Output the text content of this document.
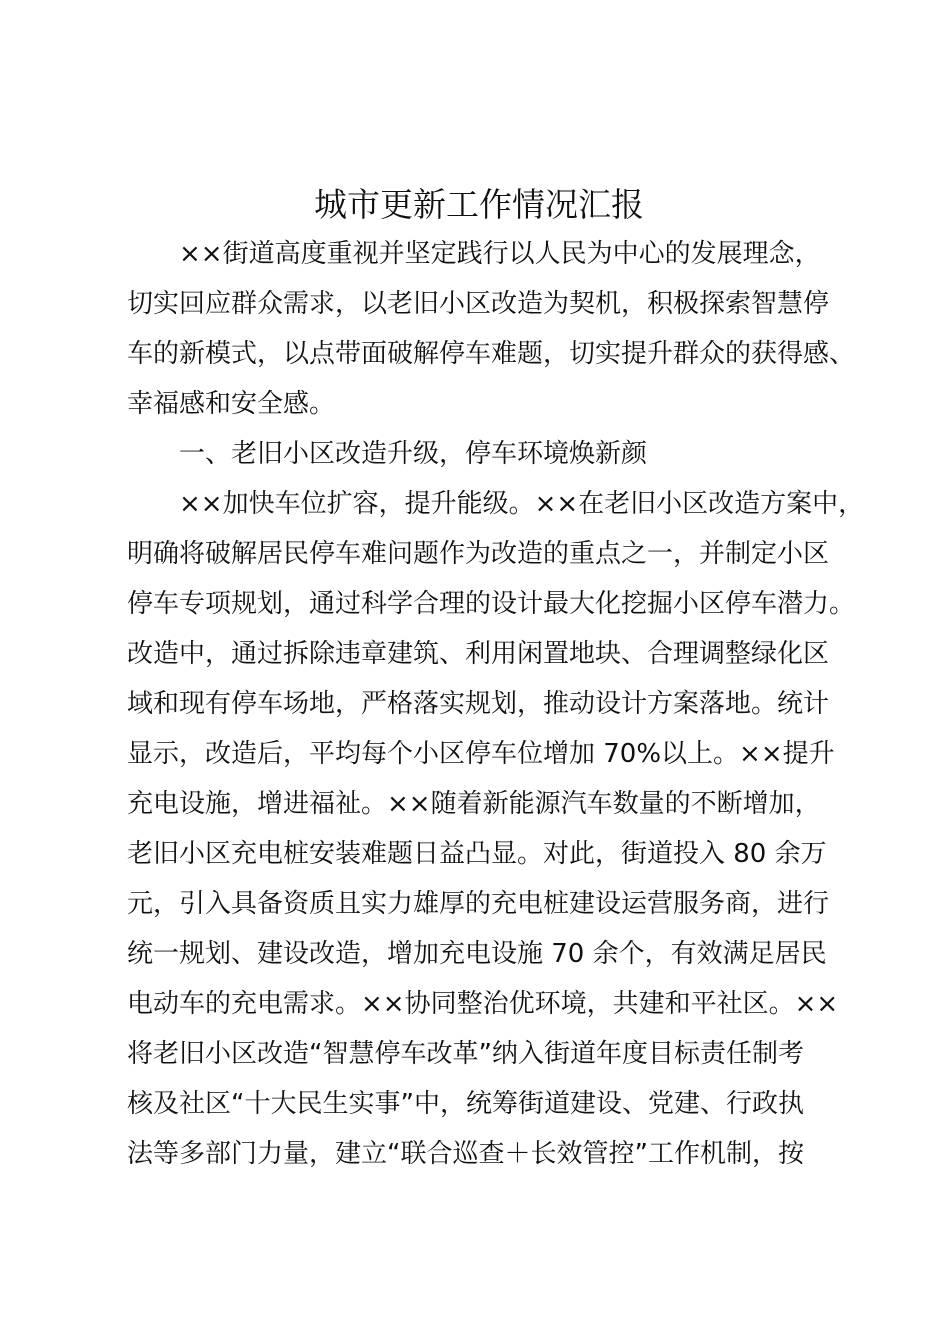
城市更新工作情况汇报
××街道高度重视并坚定践行以人民为中心的发展理念，
切实回应群众需求，以老旧小区改造为契机，积极探索智慧停
车的新模式，以点带面破解停车难题，切实提升群众的获得感、
幸福感和安全感。
一、老旧小区改造升级，停车环境焕新颜
××加快车位扩容，提升能级。××在老旧小区改造方案中，
明确将破解居民停车难问题作为改造的重点之一，并制定小区
停车专项规划，通过科学合理的设计最大化挖掘小区停车潜力。
改造中，通过拆除违章建筑、利用闲置地块、合理调整绿化区
域和现有停车场地，严格落实规划，推动设计方案落地。统计
显示，改造后，平均每个小区停车位增加 70%以上。××提升
充电设施，增进福祉。××随着新能源汽车数量的不断增加，
老旧小区充电桩安装难题日益凸显。对此，街道投入 80 余万
元，引入具备资质且实力雄厚的充电桩建设运营服务商，进行
统一规划、建设改造，增加充电设施 70 余个，有效满足居民
电动车的充电需求。××协同整治优环境，共建和平社区。××
将老旧小区改造“智慧停车改革”纳入街道年度目标责任制考
核及社区“十大民生实事”中，统筹街道建设、党建、行政执
法等多部门力量，建立“联合巡查＋长效管控”工作机制，按
